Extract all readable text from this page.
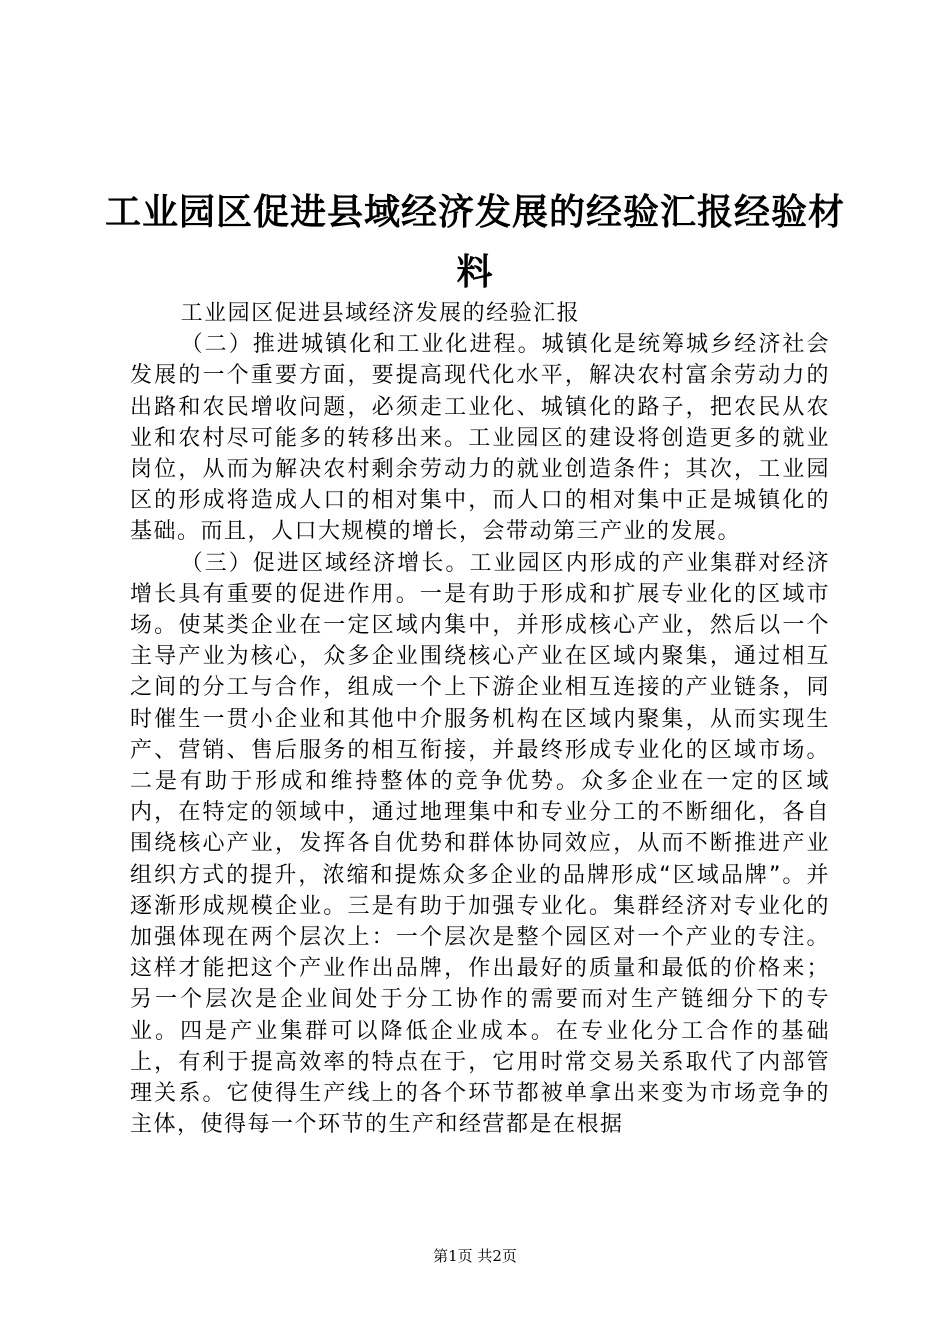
工业园区促进县域经济发展的经验汇报经验材料

工业园区促进县域经济发展的经验汇报

（二）推进城镇化和工业化进程。城镇化是统筹城乡经济社会发展的一个重要方面，要提高现代化水平，解决农村富余劳动力的出路和农民增收问题，必须走工业化、城镇化的路子，把农民从农业和农村尽可能多的转移出来。工业园区的建设将创造更多的就业岗位，从而为解决农村剩余劳动力的就业创造条件；其次，工业园区的形成将造成人口的相对集中，而人口的相对集中正是城镇化的基础。而且，人口大规模的增长，会带动第三产业的发展。

（三）促进区域经济增长。工业园区内形成的产业集群对经济增长具有重要的促进作用。一是有助于形成和扩展专业化的区域市场。使某类企业在一定区域内集中，并形成核心产业，然后以一个主导产业为核心，众多企业围绕核心产业在区域内聚集，通过相互之间的分工与合作，组成一个上下游企业相互连接的产业链条，同时催生一贯小企业和其他中介服务机构在区域内聚集，从而实现生产、营销、售后服务的相互衔接，并最终形成专业化的区域市场。二是有助于形成和维持整体的竞争优势。众多企业在一定的区域内，在特定的领域中，通过地理集中和专业分工的不断细化，各自围绕核心产业，发挥各自优势和群体协同效应，从而不断推进产业组织方式的提升，浓缩和提炼众多企业的品牌形成“区域品牌”。并逐渐形成规模企业。三是有助于加强专业化。集群经济对专业化的加强体现在两个层次上：一个层次是整个园区对一个产业的专注。这样才能把这个产业作出品牌，作出最好的质量和最低的价格来；另一个层次是企业间处于分工协作的需要而对生产链细分下的专业。四是产业集群可以降低企业成本。在专业化分工合作的基础上，有利于提高效率的特点在于，它用时常交易关系取代了内部管理关系。它使得生产线上的各个环节都被单拿出来变为市场竞争的主体，使得每一个环节的生产和经营都是在根据

第1页 共2页
